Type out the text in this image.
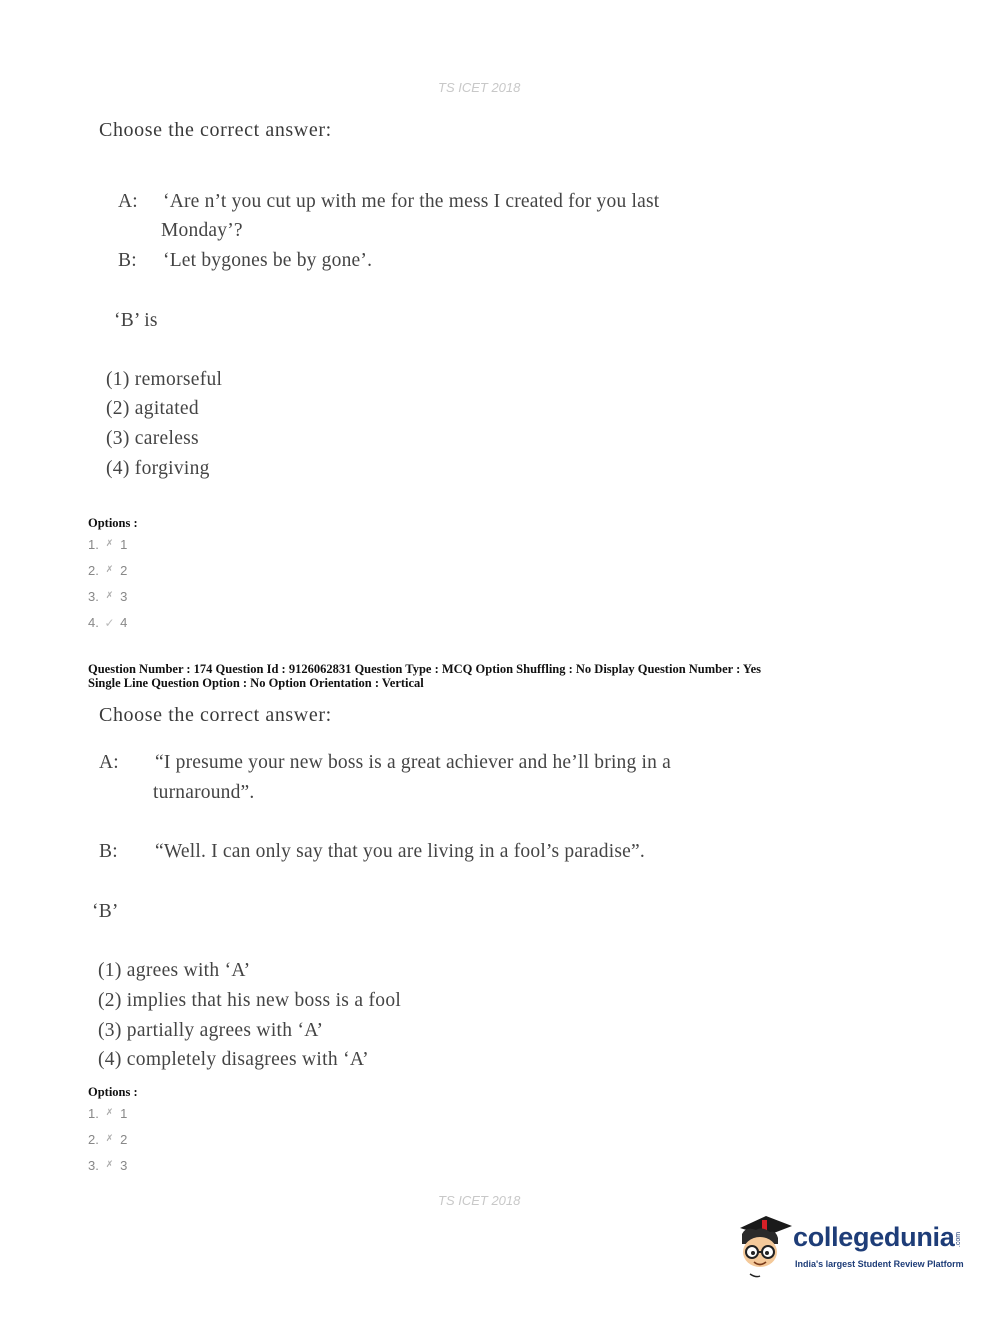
TS ICET 2018
Choose the correct answer:
A: ‘Are n’t you cut up with me for the mess I created for you last
Monday’?
B: ‘Let bygones be by gone’.
‘B’ is
(1) remorseful
(2) agitated
(3) careless
(4) forgiving
Options :
1. ✗ 1
2. ✗ 2
3. ✗ 3
4. ✓ 4
Question Number : 174 Question Id : 9126062831 Question Type : MCQ Option Shuffling : No Display Question Number : Yes
Single Line Question Option : No Option Orientation : Vertical
Choose the correct answer:
A: “I presume your new boss is a great achiever and he’ll bring in a
turnaround”.
B: “Well. I can only say that you are living in a fool’s paradise”.
‘B’
(1) agrees with ‘A’
(2) implies that his new boss is a fool
(3) partially agrees with ‘A’
(4) completely disagrees with ‘A’
Options :
1. ✗ 1
2. ✗ 2
3. ✗ 3
TS ICET 2018
collegedunia .com
India's largest Student Review Platform
